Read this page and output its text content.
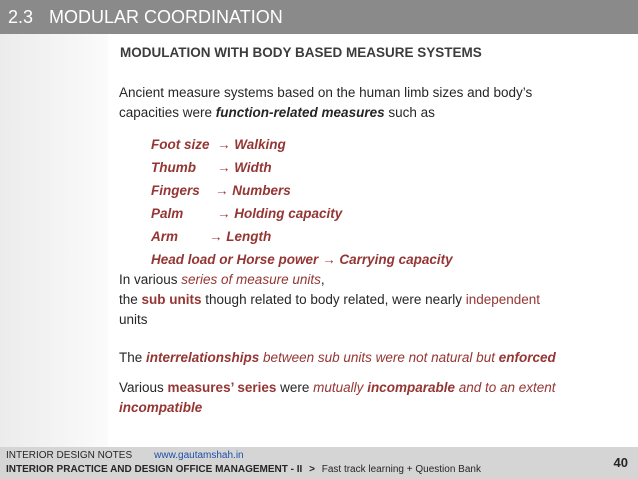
2.3 MODULAR COORDINATION
MODULATION WITH BODY BASED MEASURE SYSTEMS
Ancient measure systems based on the human limb sizes and body’s
capacities were function-related measures such as
Foot size → Walking
Thumb → Width
Fingers → Numbers
Palm → Holding capacity
Arm → Length
Head load or Horse power → Carrying capacity
In various series of measure units,
the sub units though related to body related, were nearly independent
units
The interrelationships between sub units were not natural but enforced
Various measures’ series were mutually incomparable and to an extent
incompatible
INTERIOR DESIGN NOTES www.gautamshah.in
INTERIOR PRACTICE AND DESIGN OFFICE MANAGEMENT - II > Fast track learning + Question Bank	40
